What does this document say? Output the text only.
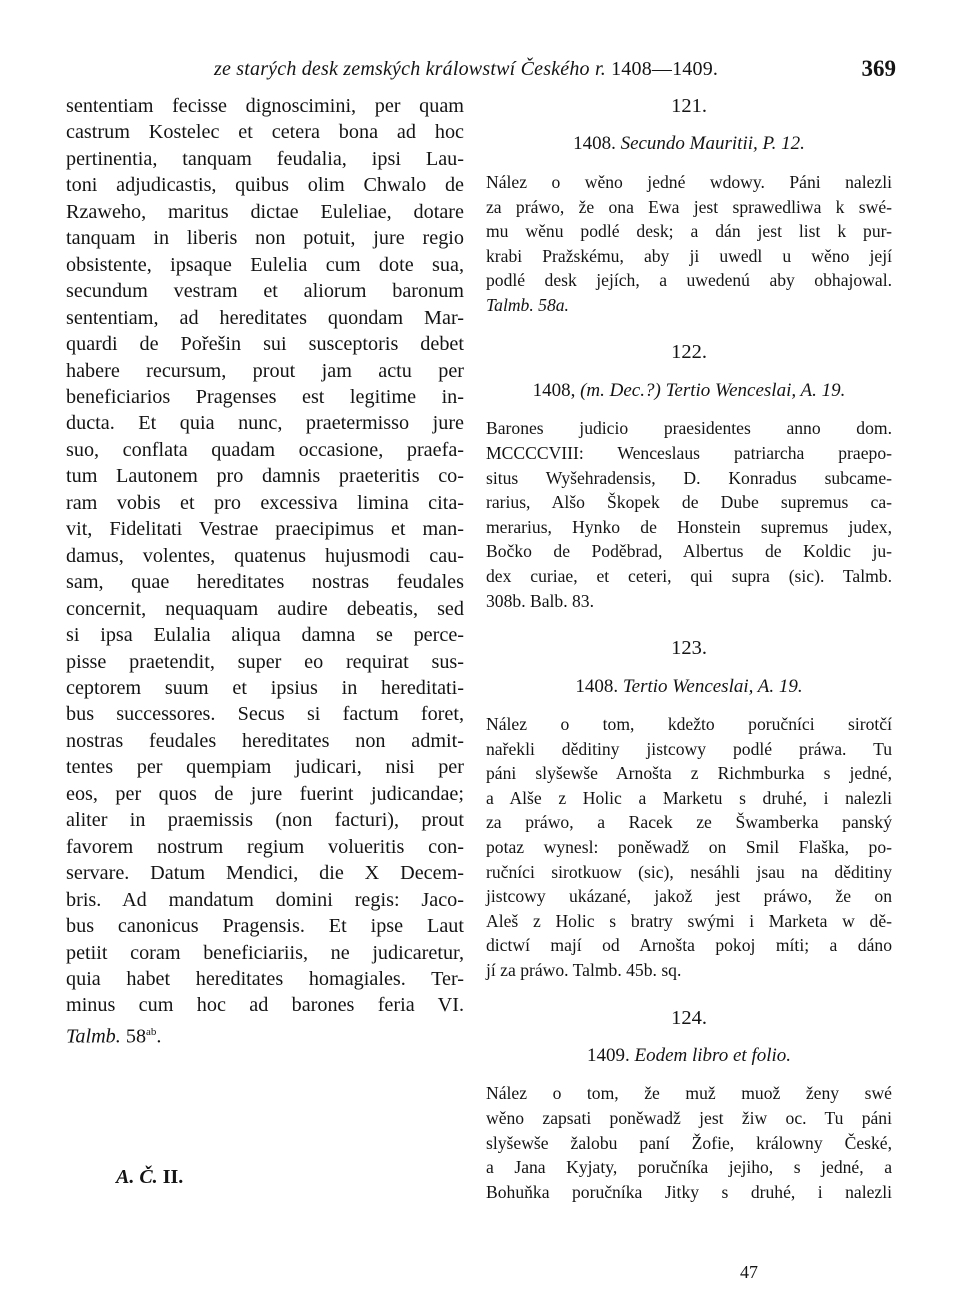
ze starých desk zemských králowstwí Českého r. 1408—1409.	369
sententiam fecisse dignoscimini, per quam
castrum Kostelec et cetera bona ad hoc
pertinentia, tanquam feudalia, ipsi Lau-
toni adjudicastis, quibus olim Chwalo de
Rzaweho, maritus dictae Euleliae, dotare
tanquam in liberis non potuit, jure regio
obsistente, ipsaque Eulelia cum dote sua,
secundum vestram et aliorum baronum
sententiam, ad hereditates quondam Mar-
quardi de Pořešin sui susceptoris debet
habere recursum, prout jam actu per
beneficiarios Pragenses est legitime in-
ducta. Et quia nunc, praetermisso jure
suo, conflata quadam occasione, praefa-
tum Lautonem pro damnis praeteritis co-
ram vobis et pro excessiva limina cita-
vit, Fidelitati Vestrae praecipimus et man-
damus, volentes, quatenus hujusmodi cau-
sam, quae hereditates nostras feudales
concernit, nequaquam audire debeatis, sed
si ipsa Eulalia aliqua damna se perce-
pisse praetendit, super eo requirat sus-
ceptorem suum et ipsius in hereditati-
bus successores. Secus si factum foret,
nostras feudales hereditates non admit-
tentes per quempiam judicari, nisi per
eos, per quos de jure fuerint judicandae;
aliter in praemissis (non facturi), prout
favorem nostrum regium volueritis con-
servare. Datum Mendici, die X Decem-
bris. Ad mandatum domini regis: Jaco-
bus canonicus Pragensis. Et ipse Laut
petiit coram beneficiariis, ne judicaretur,
quia habet hereditates homagiales. Ter-
minus cum hoc ad barones feria VI.
Talmb. $58^{ab}$.
A. Č. II.
121.
1408. Secundo Mauritii, P. 12.
Nález o wěno jedné wdowy. Páni nalezli
za práwo, že ona Ewa jest sprawedliwa k swé-
mu wěnu podlé desk; a dán jest list k pur-
krabi Pražskému, aby ji uwedl u wěno její
podlé desk jejích, a uwedenú aby obhajowal.
Talmb. 58a.
122.
1408, (m. Dec.?) Tertio Wenceslai, A. 19.
Barones judicio praesidentes anno dom.
MCCCCVIII: Wenceslaus patriarcha praepo-
situs Wyšehradensis, D. Konradus subcame-
rarius, Alšo Škopek de Dube supremus ca-
merarius, Hynko de Honstein supremus judex,
Bočko de Poděbrad, Albertus de Koldic ju-
dex curiae, et ceteri, qui supra (sic). Talmb.
308b. Balb. 83.
123.
1408. Tertio Wenceslai, A. 19.
Nález o tom, kdežto poručníci sirotčí
nařekli děditiny jistcowy podlé práwa. Tu
páni slyšewše Arnošta z Richmburka s jedné,
a Alše z Holic a Marketu s druhé, i nalezli
za práwo, a Racek ze Šwamberka panský
potaz wynesl: poněwadž on Smil Flaška, po-
ručníci sirotkuow (sic), nesáhli jsau na děditiny
jistcowy ukázané, jakož jest práwo, že on
Aleš z Holic s bratry swými i Marketa w dě-
dictwí mají od Arnošta pokoj míti; a dáno
jí za práwo. Talmb. 45b. sq.
124.
1409. Eodem libro et folio.
Nález o tom, že muž muož ženy swé
wěno zapsati poněwadž jest žiw oc. Tu páni
slyšewše žalobu paní Žofie, králowny České,
a Jana Kyjaty, poručníka jejiho, s jedné, a
Bohuňka poručníka Jitky s druhé, i nalezli
47
